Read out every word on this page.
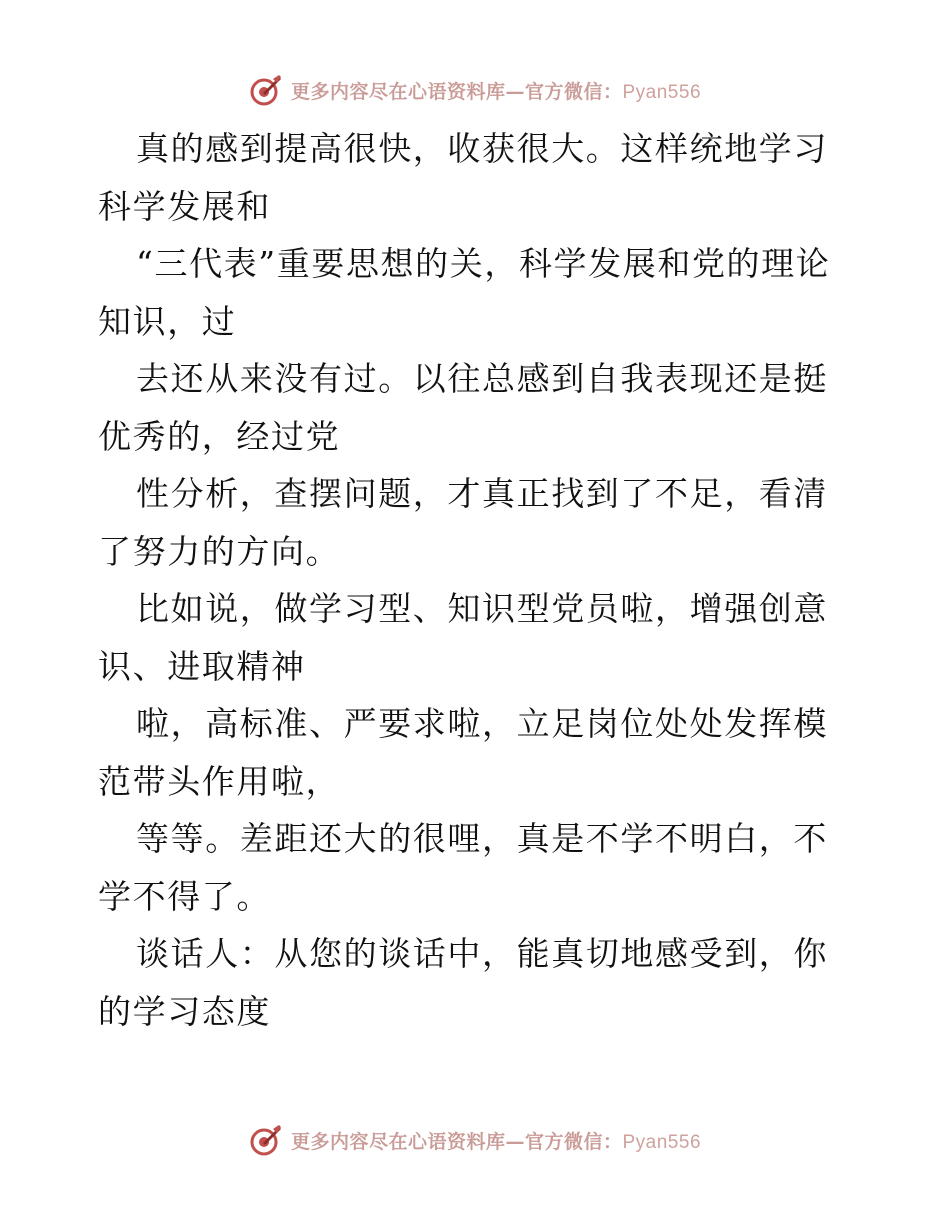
更多内容尽在心语资料库—官方微信：Pyan556

真的感到提高很快，收获很大。这样统地学习科学发展和

“三代表”重要思想的关，科学发展和党的理论知识，过

去还从来没有过。以往总感到自我表现还是挺优秀的，经过党

性分析，查摆问题，才真正找到了不足，看清了努力的方向。

比如说，做学习型、知识型党员啦，增强创意识、进取精神

啦，高标准、严要求啦，立足岗位处处发挥模范带头作用啦，

等等。差距还大的很哩，真是不学不明白，不学不得了。

谈话人：从您的谈话中，能真切地感受到，你的学习态度

更多内容尽在心语资料库—官方微信：Pyan556
